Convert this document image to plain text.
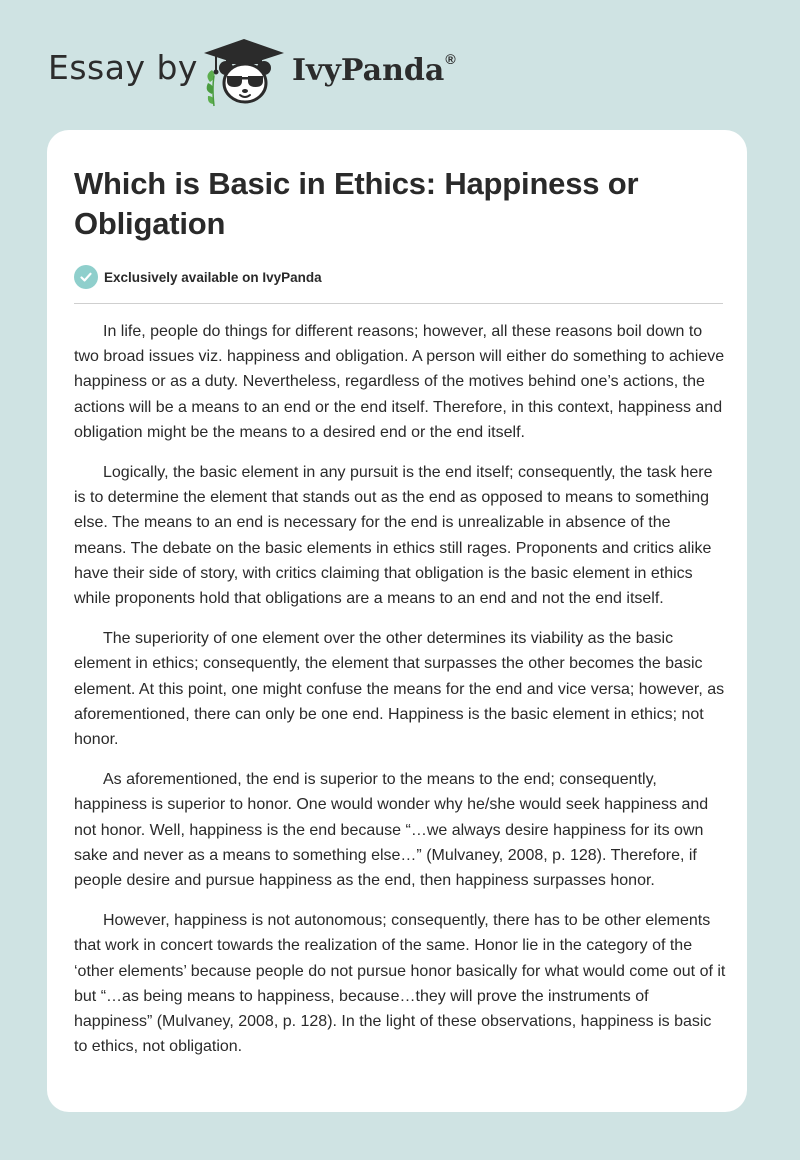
Essay by	IvyPanda®
Which is Basic in Ethics: Happiness or Obligation
Exclusively available on IvyPanda

In life, people do things for different reasons; however, all these reasons boil down to two broad issues viz. happiness and obligation. A person will either do something to achieve happiness or as a duty. Nevertheless, regardless of the motives behind one’s actions, the actions will be a means to an end or the end itself. Therefore, in this context, happiness and obligation might be the means to a desired end or the end itself.

Logically, the basic element in any pursuit is the end itself; consequently, the task here is to determine the element that stands out as the end as opposed to means to something else. The means to an end is necessary for the end is unrealizable in absence of the means. The debate on the basic elements in ethics still rages. Proponents and critics alike have their side of story, with critics claiming that obligation is the basic element in ethics while proponents hold that obligations are a means to an end and not the end itself.

The superiority of one element over the other determines its viability as the basic element in ethics; consequently, the element that surpasses the other becomes the basic element. At this point, one might confuse the means for the end and vice versa; however, as aforementioned, there can only be one end. Happiness is the basic element in ethics; not honor.

As aforementioned, the end is superior to the means to the end; consequently, happiness is superior to honor. One would wonder why he/she would seek happiness and not honor. Well, happiness is the end because “…we always desire happiness for its own sake and never as a means to something else…” (Mulvaney, 2008, p. 128). Therefore, if people desire and pursue happiness as the end, then happiness surpasses honor.

However, happiness is not autonomous; consequently, there has to be other elements that work in concert towards the realization of the same. Honor lie in the category of the ‘other elements’ because people do not pursue honor basically for what would come out of it but “…as being means to happiness, because…they will prove the instruments of happiness” (Mulvaney, 2008, p. 128). In the light of these observations, happiness is basic to ethics, not obligation.
